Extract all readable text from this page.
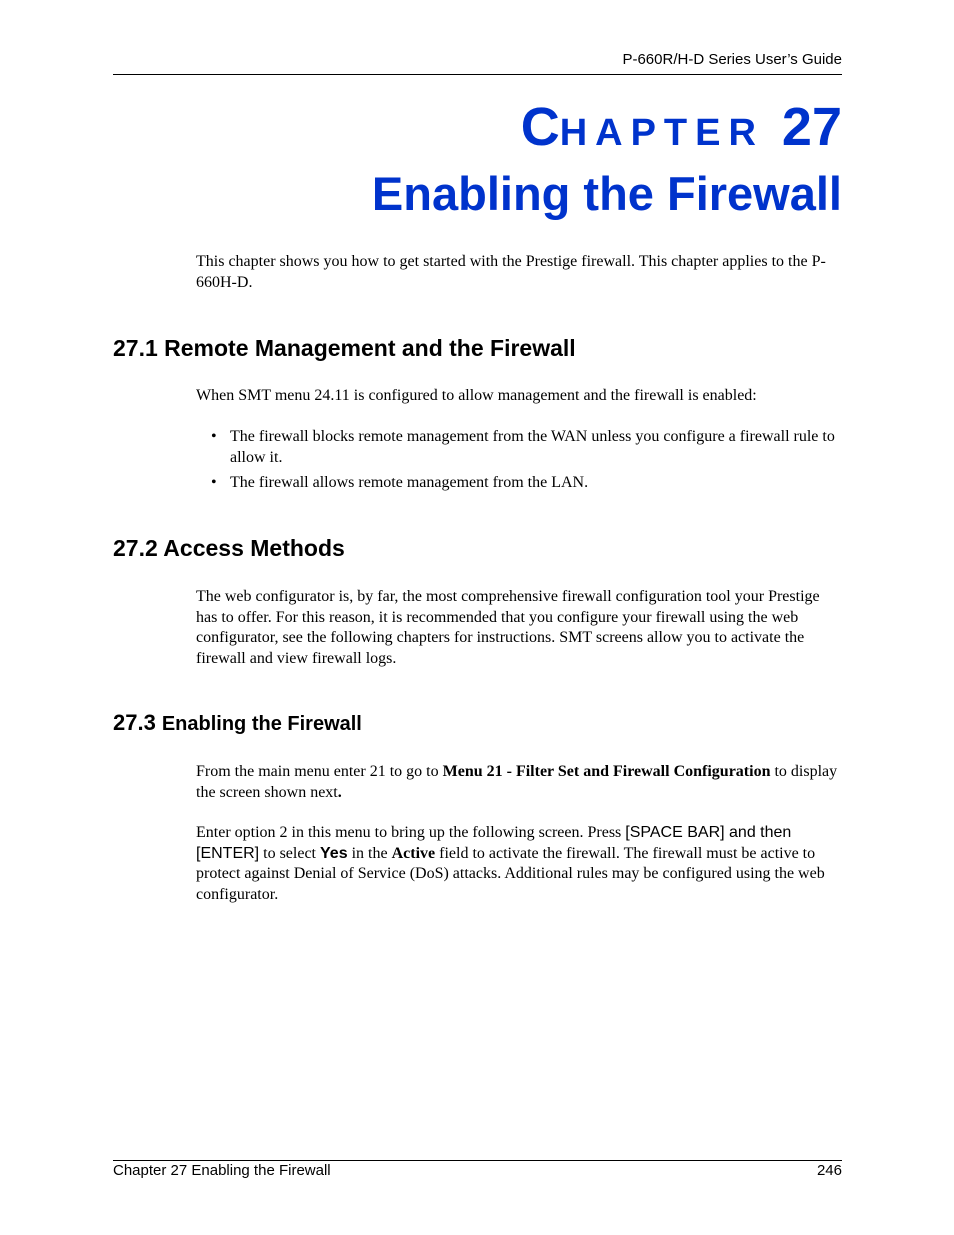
P-660R/H-D Series User’s Guide
CHAPTER 27
Enabling the Firewall
This chapter shows you how to get started with the Prestige firewall. This chapter applies to the P-660H-D.
27.1 Remote Management and the Firewall
When SMT menu 24.11 is configured to allow management and the firewall is enabled:
• The firewall blocks remote management from the WAN unless you configure a firewall rule to allow it.
• The firewall allows remote management from the LAN.
27.2 Access Methods
The web configurator is, by far, the most comprehensive firewall configuration tool your Prestige has to offer. For this reason, it is recommended that you configure your firewall using the web configurator, see the following chapters for instructions. SMT screens allow you to activate the firewall and view firewall logs.
27.3 Enabling the Firewall
From the main menu enter 21 to go to Menu 21 - Filter Set and Firewall Configuration to display the screen shown next.
Enter option 2 in this menu to bring up the following screen. Press [SPACE BAR] and then [ENTER] to select Yes in the Active field to activate the firewall. The firewall must be active to protect against Denial of Service (DoS) attacks. Additional rules may be configured using the web configurator.
Chapter 27 Enabling the Firewall	246
